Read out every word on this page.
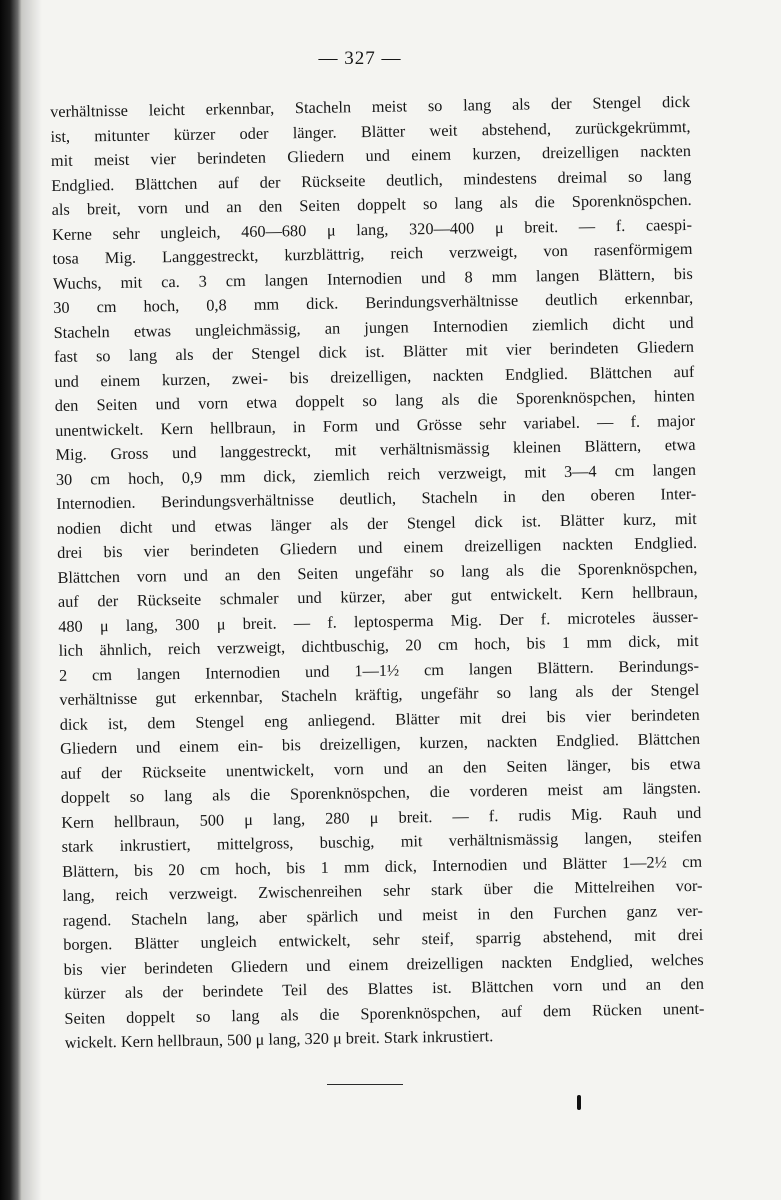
— 327 —
verhältnisse leicht erkennbar, Stacheln meist so lang als der Stengel dick
ist, mitunter kürzer oder länger. Blätter weit abstehend, zurückgekrümmt,
mit meist vier berindeten Gliedern und einem kurzen, dreizelligen nackten
Endglied. Blättchen auf der Rückseite deutlich, mindestens dreimal so lang
als breit, vorn und an den Seiten doppelt so lang als die Sporenknöspchen.
Kerne sehr ungleich, 460—680 μ lang, 320—400 μ breit. — f. caespi-
tosa Mig. Langgestreckt, kurzblättrig, reich verzweigt, von rasenförmigem
Wuchs, mit ca. 3 cm langen Internodien und 8 mm langen Blättern, bis
30 cm hoch, 0,8 mm dick. Berindungsverhältnisse deutlich erkennbar,
Stacheln etwas ungleichmässig, an jungen Internodien ziemlich dicht und
fast so lang als der Stengel dick ist. Blätter mit vier berindeten Gliedern
und einem kurzen, zwei- bis dreizelligen, nackten Endglied. Blättchen auf
den Seiten und vorn etwa doppelt so lang als die Sporenknöspchen, hinten
unentwickelt. Kern hellbraun, in Form und Grösse sehr variabel. — f. major
Mig. Gross und langgestreckt, mit verhältnismässig kleinen Blättern, etwa
30 cm hoch, 0,9 mm dick, ziemlich reich verzweigt, mit 3—4 cm langen
Internodien. Berindungsverhältnisse deutlich, Stacheln in den oberen Inter-
nodien dicht und etwas länger als der Stengel dick ist. Blätter kurz, mit
drei bis vier berindeten Gliedern und einem dreizelligen nackten Endglied.
Blättchen vorn und an den Seiten ungefähr so lang als die Sporenknöspchen,
auf der Rückseite schmaler und kürzer, aber gut entwickelt. Kern hellbraun,
480 μ lang, 300 μ breit. — f. leptosperma Mig. Der f. microteles äusser-
lich ähnlich, reich verzweigt, dichtbuschig, 20 cm hoch, bis 1 mm dick, mit
2 cm langen Internodien und 1—1½ cm langen Blättern. Berindungs-
verhältnisse gut erkennbar, Stacheln kräftig, ungefähr so lang als der Stengel
dick ist, dem Stengel eng anliegend. Blätter mit drei bis vier berindeten
Gliedern und einem ein- bis dreizelligen, kurzen, nackten Endglied. Blättchen
auf der Rückseite unentwickelt, vorn und an den Seiten länger, bis etwa
doppelt so lang als die Sporenknöspchen, die vorderen meist am längsten.
Kern hellbraun, 500 μ lang, 280 μ breit. — f. rudis Mig. Rauh und
stark inkrustiert, mittelgross, buschig, mit verhältnismässig langen, steifen
Blättern, bis 20 cm hoch, bis 1 mm dick, Internodien und Blätter 1—2½ cm
lang, reich verzweigt. Zwischenreihen sehr stark über die Mittelreihen vor-
ragend. Stacheln lang, aber spärlich und meist in den Furchen ganz ver-
borgen. Blätter ungleich entwickelt, sehr steif, sparrig abstehend, mit drei
bis vier berindeten Gliedern und einem dreizelligen nackten Endglied, welches
kürzer als der berindete Teil des Blattes ist. Blättchen vorn und an den
Seiten doppelt so lang als die Sporenknöspchen, auf dem Rücken unent-
wickelt. Kern hellbraun, 500 μ lang, 320 μ breit. Stark inkrustiert.
